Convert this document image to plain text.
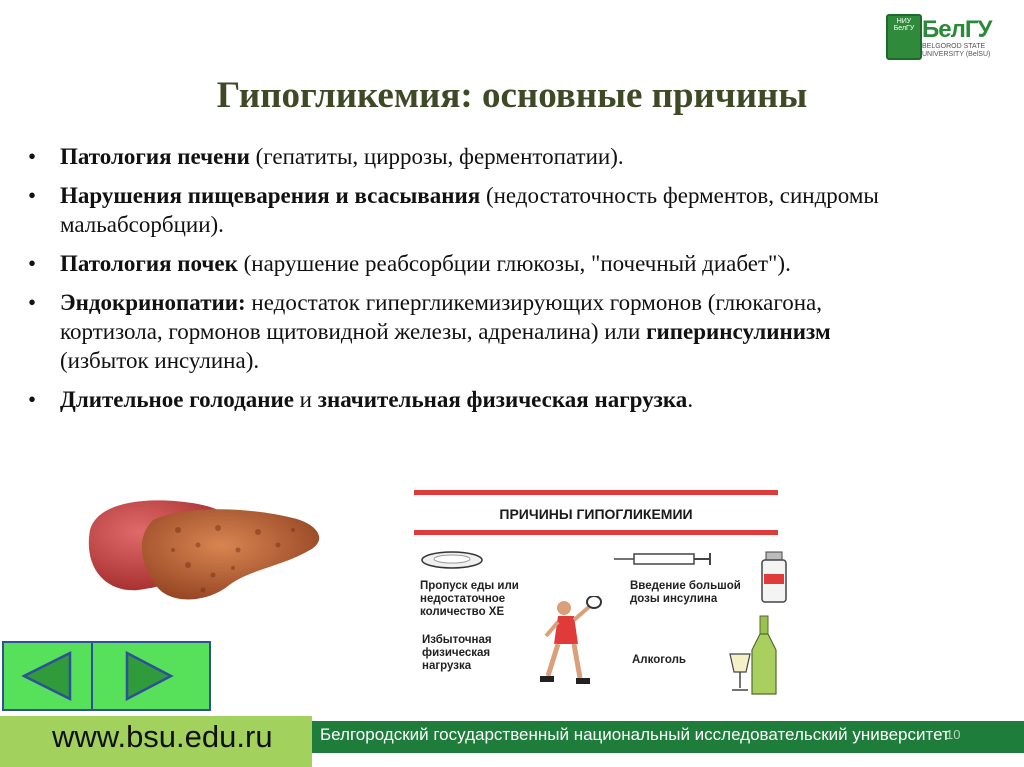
НИУ БелГУ БелГУ
BELGOROD STATE UNIVERSITY (BelSU)
Гипогликемия: основные причины
• Патология печени (гепатиты, циррозы, ферментопатии).
• Нарушения пищеварения и всасывания (недостаточность ферментов, синдромы мальабсорбции).
• Патология почек (нарушение реабсорбции глюкозы, "почечный диабет").
• Эндокринопатии: недостаток гипергликемизирующих гормонов (глюкагона, кортизола, гормонов щитовидной железы, адреналина) или гиперинсулинизм (избыток инсулина).
• Длительное голодание и значительная физическая нагрузка.
ПРИЧИНЫ ГИПОГЛИКЕМИИ
Пропуск еды или недостаточное количество ХЕ
Введение большой дозы инсулина
Избыточная физическая нагрузка	Алкоголь
www.bsu.edu.ru	Белгородский государственный национальный исследовательский университет
10
